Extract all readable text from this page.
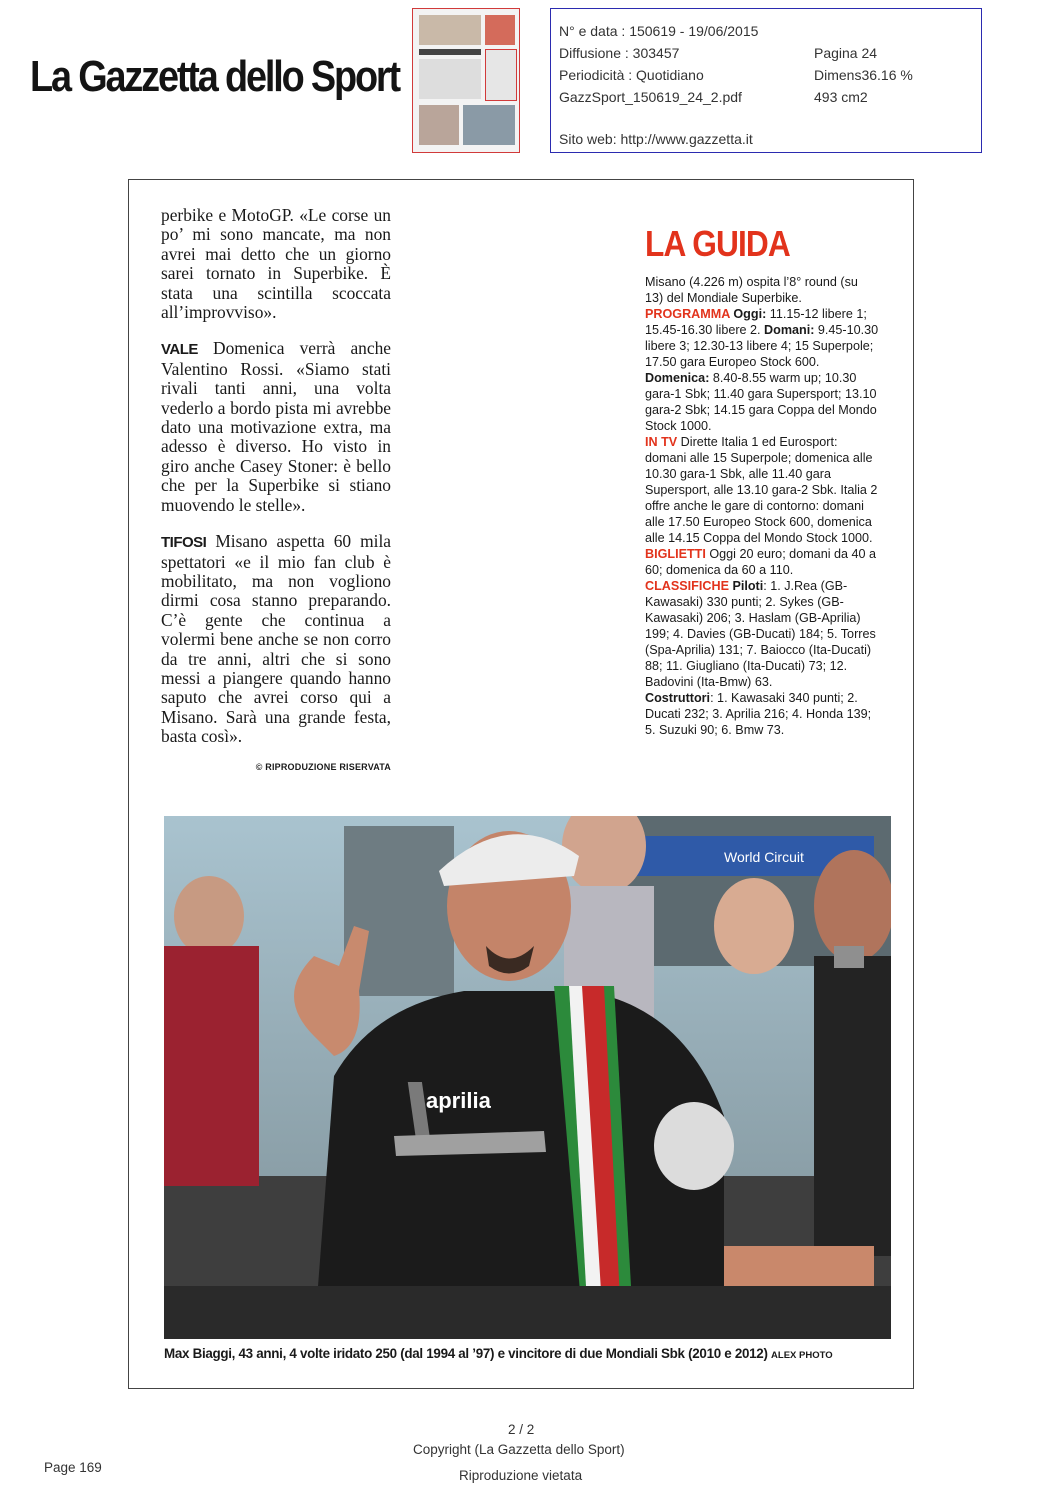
La Gazzetta dello Sport
N° e data : 150619 - 19/06/2015
Diffusione : 303457
Periodicità : Quotidiano
GazzSport_150619_24_2.pdf
Pagina 24
Dimens36.16 %
493 cm2
Sito web: http://www.gazzetta.it

perbike e MotoGP. «Le corse un po’ mi sono mancate, ma non avrei mai detto che un giorno sarei tornato in Superbike. È stata una scintilla scoccata all’improvviso».

VALE Domenica verrà anche Valentino Rossi. «Siamo stati rivali tanti anni, una volta vederlo a bordo pista mi avrebbe dato una motivazione extra, ma adesso è diverso. Ho visto in giro anche Casey Stoner: è bello che per la Superbike si stiano muovendo le stelle».

TIFOSI Misano aspetta 60 mila spettatori «e il mio fan club è mobilitato, ma non vogliono dirmi cosa stanno preparando. C’è gente che continua a volermi bene anche se non corro da tre anni, altri che si sono messi a piangere quando hanno saputo che avrei corso qui a Misano. Sarà una grande festa, basta così».

© RIPRODUZIONE RISERVATA
LA GUIDA
Misano (4.226 m) ospita l’8° round (su 13) del Mondiale Superbike.
PROGRAMMA Oggi: 11.15-12 libere 1; 15.45-16.30 libere 2. Domani: 9.45-10.30 libere 3; 12.30-13 libere 4; 15 Superpole; 17.50 gara Europeo Stock 600. Domenica: 8.40-8.55 warm up; 10.30 gara-1 Sbk; 11.40 gara Supersport; 13.10 gara-2 Sbk; 14.15 gara Coppa del Mondo Stock 1000.
IN TV Dirette Italia 1 ed Eurosport: domani alle 15 Superpole; domenica alle 10.30 gara-1 Sbk, alle 11.40 gara Supersport, alle 13.10 gara-2 Sbk. Italia 2 offre anche le gare di contorno: domani alle 17.50 Europeo Stock 600, domenica alle 14.15 Coppa del Mondo Stock 1000.
BIGLIETTI Oggi 20 euro; domani da 40 a 60; domenica da 60 a 110.
CLASSIFICHE Piloti: 1. J.Rea (GB-Kawasaki) 330 punti; 2. Sykes (GB-Kawasaki) 206; 3. Haslam (GB-Aprilia) 199; 4. Davies (GB-Ducati) 184; 5. Torres (Spa-Aprilia) 131; 7. Baiocco (Ita-Ducati) 88; 11. Giugliano (Ita-Ducati) 73; 12. Badovini (Ita-Bmw) 63.
Costruttori: 1. Kawasaki 340 punti; 2. Ducati 232; 3. Aprilia 216; 4. Honda 139; 5. Suzuki 90; 6. Bmw 73.
World Circuit
aprilia
Max Biaggi, 43 anni, 4 volte iridato 250 (dal 1994 al ’97) e vincitore di due Mondiali Sbk (2010 e 2012) ALEX PHOTO
2 / 2
Copyright (La Gazzetta dello Sport)
Riproduzione vietata
Page 169
